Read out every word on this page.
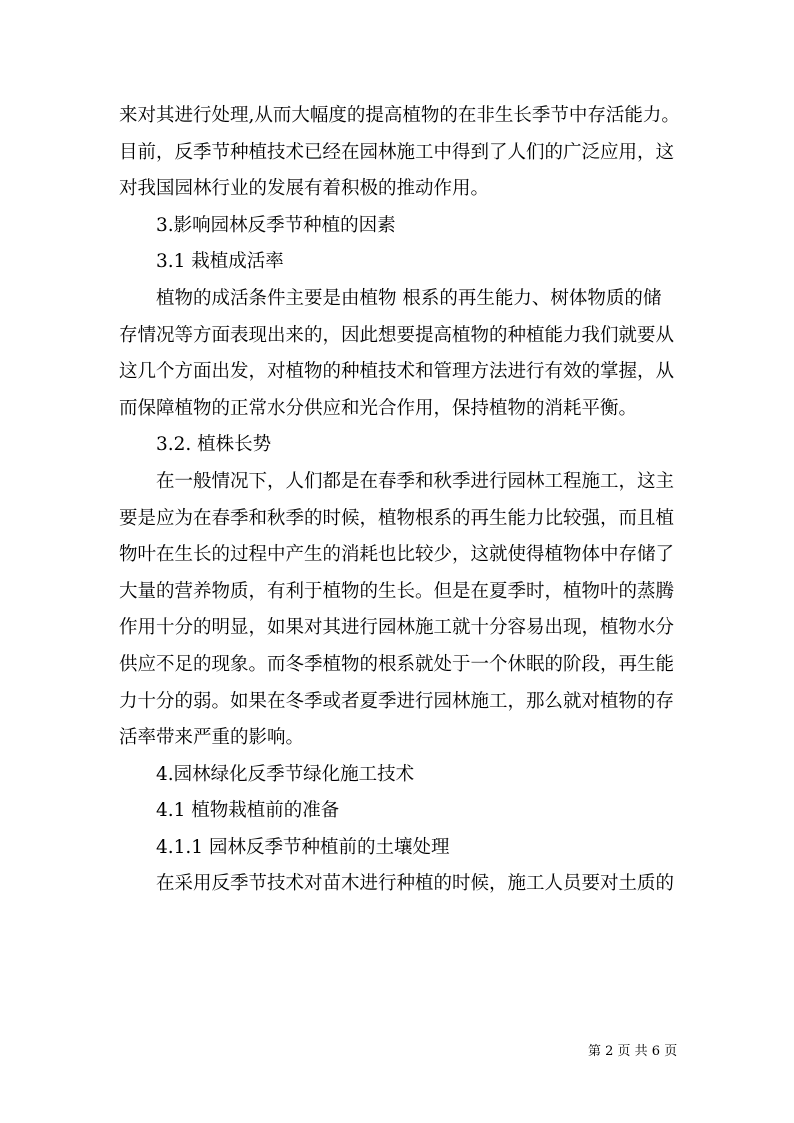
来对其进行处理,从而大幅度的提高植物的在非生长季节中存活能力。
目前，反季节种植技术已经在园林施工中得到了人们的广泛应用，这
对我国园林行业的发展有着积极的推动作用。
3.影响园林反季节种植的因素
3.1 栽植成活率
植物的成活条件主要是由植物 根系的再生能力、树体物质的储
存情况等方面表现出来的，因此想要提高植物的种植能力我们就要从
这几个方面出发，对植物的种植技术和管理方法进行有效的掌握，从
而保障植物的正常水分供应和光合作用，保持植物的消耗平衡。
3.2. 植株长势
在一般情况下，人们都是在春季和秋季进行园林工程施工，这主
要是应为在春季和秋季的时候，植物根系的再生能力比较强，而且植
物叶在生长的过程中产生的消耗也比较少，这就使得植物体中存储了
大量的营养物质，有利于植物的生长。但是在夏季时，植物叶的蒸腾
作用十分的明显，如果对其进行园林施工就十分容易出现，植物水分
供应不足的现象。而冬季植物的根系就处于一个休眠的阶段，再生能
力十分的弱。如果在冬季或者夏季进行园林施工，那么就对植物的存
活率带来严重的影响。
4.园林绿化反季节绿化施工技术
4.1 植物栽植前的准备
4.1.1 园林反季节种植前的土壤处理
在采用反季节技术对苗木进行种植的时候，施工人员要对土质的
第 2 页 共 6 页
